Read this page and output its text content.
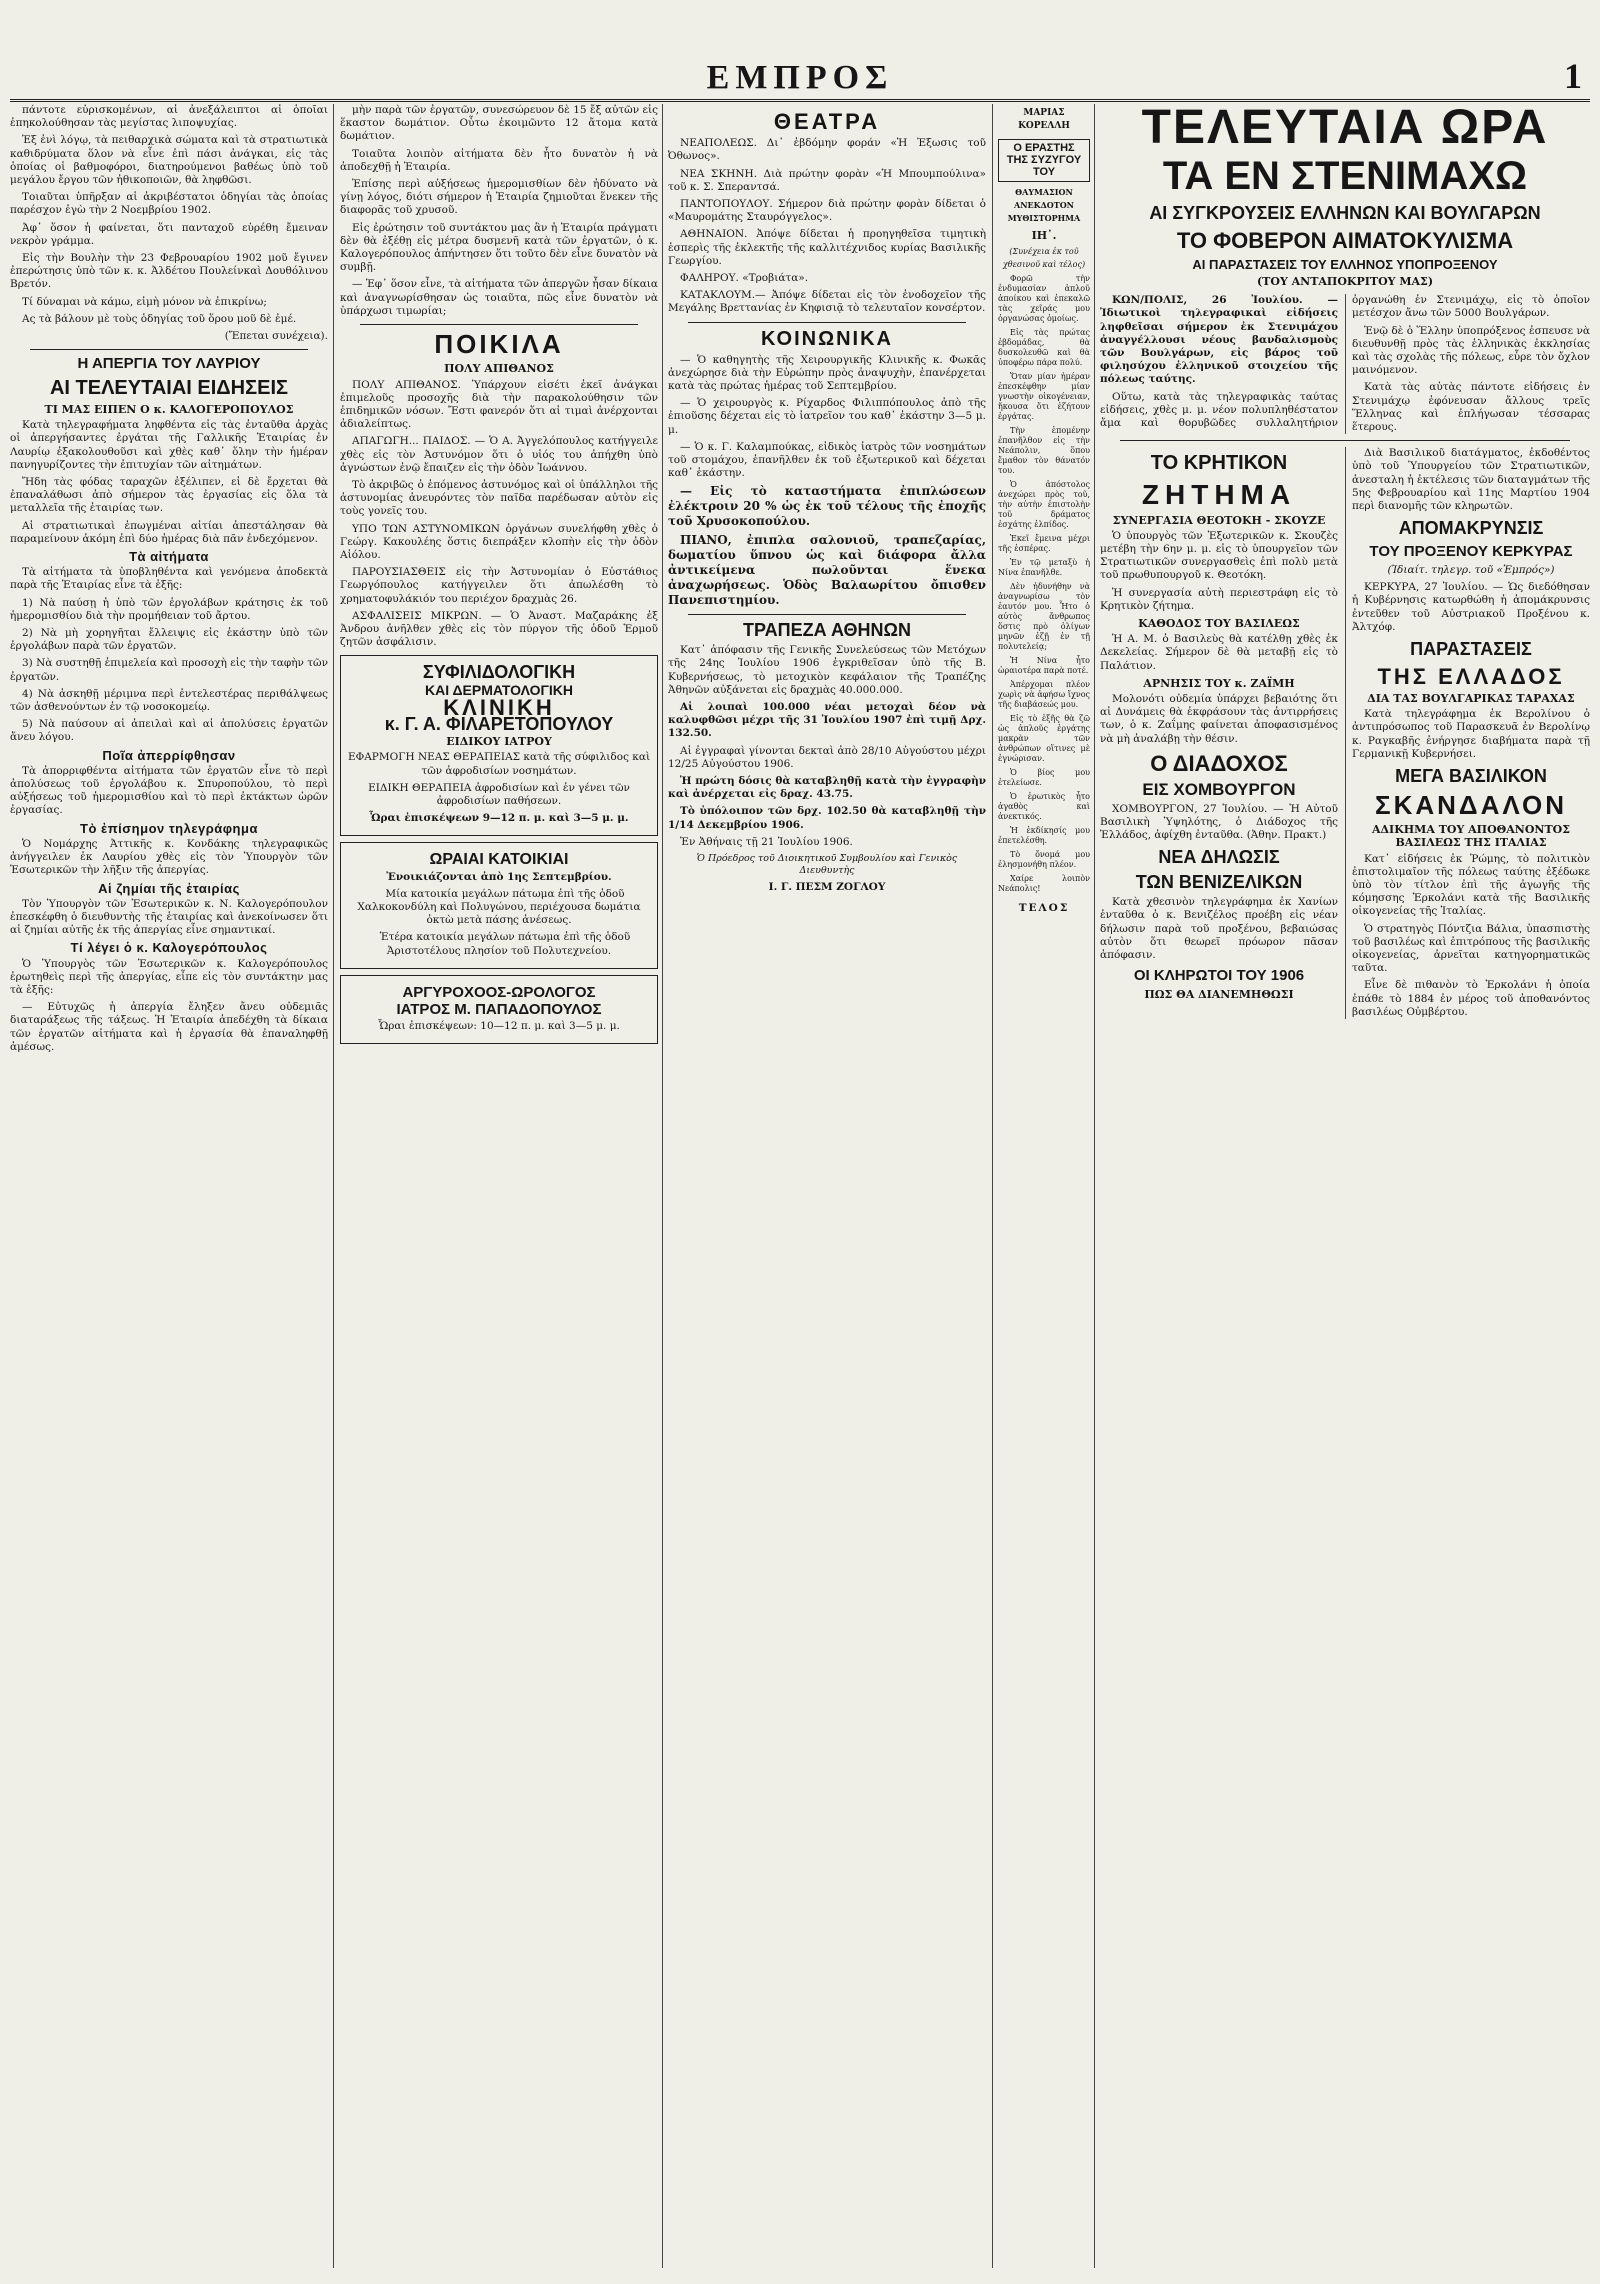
ΕΜΠΡΟΣ	1

πάντοτε εὐρισκομένων, αἱ ἀνεξάλειπτοι αἱ ὁποῖαι ἐπηκολούθησαν τὰς μεγίστας λιποψυχίας.

Ἐξ ἐνὶ λόγῳ, τὰ πειθαρχικὰ σώματα καὶ τὰ στρατιωτικὰ καθιδρύματα ὅλον νὰ εἶνε ἐπὶ πάσι ἀνάγκαι, εἰς τὰς ὁποίας οἱ βαθμοφόροι, διατηρούμενοι βαθέως ὑπὸ τοῦ μεγάλου ἔργου τῶν ἠθικοποιῶν, θὰ ληφθῶσι.

Τοιαῦται ὑπῆρξαν αἱ ἀκριβέστατοι ὁδηγίαι τὰς ὁποίας παρέσχον ἐγὼ τὴν 2 Νοεμβρίου 1902.

Ἀφ᾽ ὅσον ἡ φαίνεται, ὅτι πανταχοῦ εὑρέθη ἔμειναν νεκρὸν γράμμα.

Εἰς τὴν Βουλὴν τὴν 23 Φεβρουαρίου 1902 μοῦ ἔγινεν ἐπερώτησις ὑπὸ τῶν κ. κ. Ἀλδέτου Πουλείνκαὶ Δουθόλινου Βρετόν.

Τί δύναμαι νὰ κάμω, εἰμὴ μόνον νὰ ἐπικρίνω;

Ας τὰ βάλουν μὲ τοὺς ὁδηγίας τοῦ ὅρου μοῦ δὲ ἐμέ.

(Ἔπεται συνέχεια).

Η ΑΠΕΡΓΙΑ ΤΟΥ ΛΑΥΡΙΟΥ
ΑΙ ΤΕΛΕΥΤΑΙΑΙ ΕΙΔΗΣΕΙΣ
ΤΙ ΜΑΣ ΕΙΠΕΝ Ο κ. ΚΑΛΟΓΕΡΟΠΟΥΛΟΣ

Κατὰ τηλεγραφήματα ληφθέντα εἰς τὰς ἐνταῦθα ἀρχὰς οἱ ἀπεργήσαντες ἐργάται τῆς Γαλλικῆς Ἑταιρίας ἐν Λαυρίῳ ἐξακολουθοῦσι καὶ χθὲς καθ᾽ ὅλην τὴν ἡμέραν πανηγυρίζοντες τὴν ἐπιτυχίαν τῶν αἰτημάτων.

Ἤδη τὰς φόδας ταραχῶν ἐξέλιπεν, εἰ δὲ ἔρχεται θὰ ἐπαναλάθωσι ἀπὸ σήμερον τὰς ἐργασίας εἰς ὅλα τὰ μεταλλεῖα τῆς ἑταιρίας των.

Αἱ στρατιωτικαὶ ἐπωγμέναι αἰτίαι ἀπεστάλησαν θὰ παραμείνουν ἀκόμη ἐπὶ δύο ἡμέρας διὰ πᾶν ἐνδεχόμενον.

Τὰ αἰτήματα

Τὰ αἰτήματα τὰ ὑποβληθέντα καὶ γενόμενα ἀποδεκτὰ παρὰ τῆς Ἑταιρίας εἶνε τὰ ἑξῆς:

1) Νὰ παύσῃ ἡ ὑπὸ τῶν ἐργολάβων κράτησις ἐκ τοῦ ἡμερομισθίου διὰ τὴν προμήθειαν τοῦ ἄρτου.

2) Νὰ μὴ χορηγῆται ἔλλειψις εἰς ἑκάστην ὑπὸ τῶν ἐργολάβων παρὰ τῶν ἐργατῶν.

3) Νὰ συστηθῇ ἐπιμελεία καὶ προσοχὴ εἰς τὴν ταφὴν τῶν ἐργατῶν.

4) Νὰ ἀσκηθῇ μέριμνα περὶ ἐντελεστέρας περιθάλψεως τῶν ἀσθενούντων ἐν τῷ νοσοκομείῳ.

5) Νὰ παύσουν αἱ ἀπειλαὶ καὶ αἱ ἀπολύσεις ἐργατῶν ἄνευ λόγου.

Ποῖα ἀπερρίφθησαν

Τὰ ἀπορριφθέντα αἰτήματα τῶν ἐργατῶν εἶνε τὸ περὶ ἀπολύσεως τοῦ ἐργολάβου κ. Σπυροπούλου, τὸ περὶ αὐξήσεως τοῦ ἡμερομισθίου καὶ τὸ περὶ ἐκτάκτων ὡρῶν ἐργασίας.

Τὸ ἐπίσημον τηλεγράφημα

Ὁ Νομάρχης Ἀττικῆς κ. Κονδάκης τηλεγραφικῶς ἀνήγγειλεν ἐκ Λαυρίου χθὲς εἰς τὸν Ὑπουργὸν τῶν Ἐσωτερικῶν τὴν λῆξιν τῆς ἀπεργίας.

Αἱ ζημίαι τῆς ἑταιρίας

Τὸν Ὑπουργὸν τῶν Ἐσωτερικῶν κ. Ν. Καλογερόπουλον ἐπεσκέφθη ὁ διευθυντὴς τῆς ἑταιρίας καὶ ἀνεκοίνωσεν ὅτι αἱ ζημίαι αὐτῆς ἐκ τῆς ἀπεργίας εἶνε σημαντικαί.

Τί λέγει ὁ κ. Καλογερόπουλος

Ὁ Ὑπουργὸς τῶν Ἐσωτερικῶν κ. Καλογερόπουλος ἐρωτηθεὶς περὶ τῆς ἀπεργίας, εἶπε εἰς τὸν συντάκτην μας τὰ ἑξῆς:

— Εὐτυχῶς ἡ ἀπεργία ἔληξεν ἄνευ οὐδεμιᾶς διαταράξεως τῆς τάξεως. Ἡ Ἑταιρία ἀπεδέχθη τὰ δίκαια τῶν ἐργατῶν αἰτήματα καὶ ἡ ἐργασία θὰ ἐπαναληφθῇ ἀμέσως.

μὴν παρὰ τῶν ἐργατῶν, συνεσώρευον δὲ 15 ἔξ αὐτῶν εἰς ἕκαστον δωμάτιον. Οὗτω ἐκοιμῶντο 12 ἄτομα κατὰ δωμάτιον.

Τοιαῦτα λοιπὸν αἰτήματα δὲν ἦτο δυνατὸν ἡ νὰ ἀποδεχθῇ ἡ Ἑταιρία.

Ἐπίσης περὶ αὐξήσεως ἡμερομισθίων δὲν ἠδύνατο νὰ γίνῃ λόγος, διότι σήμερον ἡ Ἑταιρία ζημιοῦται ἕνεκεν τῆς διαφορᾶς τοῦ χρυσοῦ.

Εἰς ἐρώτησιν τοῦ συντάκτου μας ἂν ἡ Ἑταιρία πράγματι δὲν θὰ ἐξέθῃ εἰς μέτρα δυσμενῆ κατὰ τῶν ἐργατῶν, ὁ κ. Καλογερόπουλος ἀπήντησεν ὅτι τοῦτο δὲν εἶνε δυνατὸν νὰ συμβῇ.

— Ἐφ᾽ ὅσον εἶνε, τὰ αἰτήματα τῶν ἀπεργῶν ἦσαν δίκαια καὶ ἀναγνωρίσθησαν ὡς τοιαῦτα, πῶς εἶνε δυνατὸν νὰ ὑπάρχωσι τιμωρίαι;

ΠΟΙΚΙΛΑ
ΠΟΛΥ ΑΠΙΘΑΝΟΣ

ΠΟΛΥ ΑΠΙΘΑΝΟΣ. Ὑπάρχουν εἰσέτι ἐκεῖ ἀνάγκαι ἐπιμελοῦς προσοχῆς διὰ τὴν παρακολούθησιν τῶν ἐπιδημικῶν νόσων. Ἔστι φανερόν ὅτι αἱ τιμαὶ ἀνέρχονται ἀδιαλείπτως.

ΑΠΑΓΩΓΗ... ΠΑΙΔΟΣ. — Ὁ Α. Ἀγγελόπουλος κατήγγειλε χθὲς εἰς τὸν Ἀστυνόμον ὅτι ὁ υἱός του ἀπήχθη ὑπὸ ἀγνώστων ἐνῷ ἔπαιζεν εἰς τὴν ὁδὸν Ἰωάννου.

Τὸ ἀκριβῶς ὁ ἑπόμενος ἀστυνόμος καὶ οἱ ὑπάλληλοι τῆς ἀστυνομίας ἀνευρόντες τὸν παῖδα παρέδωσαν αὐτὸν εἰς τοὺς γονεῖς του.

ΥΠΟ ΤΩΝ ΑΣΤΥΝΟΜΙΚΩΝ ὀργάνων συνελήφθη χθὲς ὁ Γεώργ. Κακουλέης ὅστις διεπράξεν κλοπὴν εἰς τὴν ὁδὸν Αἰόλου.

ΠΑΡΟΥΣΙΑΣΘΕΙΣ εἰς τὴν Ἀστυνομίαν ὁ Εὐστάθιος Γεωργόπουλος κατήγγειλεν ὅτι ἀπωλέσθη τὸ χρηματοφυλάκιόν του περιέχον δραχμὰς 26.

ΑΣΦΑΛΙΣΕΙΣ ΜΙΚΡΩΝ. — Ὁ Ἀναστ. Μαζαράκης ἐξ Ἀνδρου ἀνῆλθεν χθὲς εἰς τὸν πύργον τῆς ὁδοῦ Ἑρμοῦ ζητῶν ἀσφάλισιν.

ΣΥΦΙΛΙΔΟΛΟΓΙΚΗ
ΚΑΙ ΔΕΡΜΑΤΟΛΟΓΙΚΗ
ΚΛΙΝΙΚΗ
κ. Γ. Α. ΦΙΛΑΡΕΤΟΠΟΥΛΟΥ
ΕΙΔΙΚΟΥ ΙΑΤΡΟΥ

ΕΦΑΡΜΟΓΗ ΝΕΑΣ ΘΕΡΑΠΕΙΑΣ κατὰ τῆς σύφιλιδος καὶ τῶν ἀφροδισίων νοσημάτων.

ΕΙΔΙΚΗ ΘΕΡΑΠΕΙΑ ἀφροδισίων καὶ ἐν γένει τῶν ἀφροδισίων παθήσεων.

Ὧραι ἐπισκέψεων 9—12 π. μ. καὶ 3—5 μ. μ.

ΩΡΑΙΑΙ ΚΑΤΟΙΚΙΑΙ

Ἐνοικιάζονται ἀπὸ 1ης Σεπτεμβρίου.

Μία κατοικία μεγάλων πάτωμα ἐπὶ τῆς ὁδοῦ Χαλκοκονδύλη καὶ Πολυγώνου, περιέχουσα δωμάτια ὀκτὼ μετὰ πάσης ἀνέσεως.

Ἑτέρα κατοικία μεγάλων πάτωμα ἐπὶ τῆς ὁδοῦ Ἀριστοτέλους πλησίον τοῦ Πολυτεχνείου.

ΑΡΓΥΡΟΧΟΟΣ-ΩΡΟΛΟΓΟΣ
ΙΑΤΡΟΣ Μ. ΠΑΠΑΔΟΠΟΥΛΟΣ

Ὧραι ἐπισκέψεων: 10—12 π. μ. καὶ 3—5 μ. μ.

ΘΕΑΤΡΑ

ΝΕΑΠΟΛΕΩΣ. Δι᾽ ἑβδόμην φοράν «Ἡ Ἐξωσις τοῦ Ὀθωνος».

ΝΕΑ ΣΚΗΝΗ. Διὰ πρώτην φορὰν «Ἡ Μπουμπούλινα» τοῦ κ. Σ. Σπεραντσά.

ΠΑΝΤΟΠΟΥΛΟΥ. Σήμερον διὰ πρώτην φορὰν δίδεται ὁ «Μαυρομάτης Σταυρόγγελος».

ΑΘΗΝΑΙΟΝ. Ἀπόψε δίδεται ἡ προηγηθεῖσα τιμητικὴ ἑσπερὶς τῆς ἐκλεκτῆς τῆς καλλιτέχνιδος κυρίας Βασιλικῆς Γεωργίου.

ΦΑΛΗΡΟΥ. «Τροβιάτα».

ΚΑΤΑΚΛΟΥΜ.— Ἀπόψε δίδεται εἰς τὸν ἐνοδοχεῖον τῆς Μεγάλης Βρεττανίας ἐν Κηφισιᾷ τὸ τελευταῖον κονσέρτον.

ΚΟΙΝΩΝΙΚΑ

— Ὁ καθηγητὴς τῆς Χειρουργικῆς Κλινικῆς κ. Φωκᾶς ἀνεχώρησε διὰ τὴν Εὐρώπην πρὸς ἀναψυχὴν, ἐπανέρχεται κατὰ τὰς πρώτας ἡμέρας τοῦ Σεπτεμβρίου.

— Ὁ χειρουργὸς κ. Ρίχαρδος Φιλιππόπουλος ἀπὸ τῆς ἐπιοῦσης δέχεται εἰς τὸ ἰατρεῖον του καθ᾽ ἑκάστην 3—5 μ. μ.

— Ὁ κ. Γ. Καλαμπούκας, εἰδικὸς ἰατρὸς τῶν νοσημάτων τοῦ στομάχου, ἐπανῆλθεν ἐκ τοῦ ἐξωτερικοῦ καὶ δέχεται καθ᾽ ἑκάστην.

— Εἰς τὸ καταστήματα ἐπιπλώσεων ἐλέκτροιν 20 % ὡς ἐκ τοῦ τέλους τῆς ἐποχῆς τοῦ Χρυσοκοπούλου.

ΠΙΑΝΟ, ἐπιπλα σαλονιοῦ, τραπεζαρίας, δωματίου ὕπνου ὡς καὶ διάφορα ἄλλα ἀντικείμενα πωλοῦνται ἕνεκα ἀναχωρήσεως. Ὁδὸς Βαλαωρίτου ὄπισθεν Πανεπιστημίου.

ΤΡΑΠΕΖΑ ΑΘΗΝΩΝ

Κατ᾽ ἀπόφασιν τῆς Γενικῆς Συνελεύσεως τῶν Μετόχων τῆς 24ης Ἰουλίου 1906 ἐγκριθεῖσαν ὑπὸ τῆς Β. Κυβερνήσεως, τὸ μετοχικὸν κεφάλαιον τῆς Τραπέζης Ἀθηνῶν αὐξάνεται εἰς δραχμὰς 40.000.000.

Αἱ λοιπαὶ 100.000 νέαι μετοχαὶ δέον νὰ καλυφθῶσι μέχρι τῆς 31 Ἰουλίου 1907 ἐπὶ τιμῇ Δρχ. 132.50.

Αἱ ἐγγραφαὶ γίνονται δεκταὶ ἀπὸ 28/10 Αὐγούστου μέχρι 12/25 Αὐγούστου 1906.

Ἡ πρώτη δόσις θὰ καταβληθῇ κατὰ τὴν ἐγγραφὴν καὶ ἀνέρχεται εἰς δραχ. 43.75.

Τὸ ὑπόλοιπον τῶν δρχ. 102.50 θὰ καταβληθῇ τὴν 1/14 Δεκεμβρίου 1906.

Ἐν Ἀθήναις τῇ 21 Ἰουλίου 1906.

Ὁ Πρόεδρος τοῦ Διοικητικοῦ Συμβουλίου καὶ Γενικὸς Διευθυντὴς

Ι. Γ. ΠΕΣΜ ΖΟΓΛΟΥ

ΜΑΡΙΑΣ ΚΟΡΕΛΛΗ
Ο ΕΡΑΣΤΗΣ ΤΗΣ ΣΥΖΥΓΟΥ ΤΟΥ
ΘΑΥΜΑΣΙΟΝ ΑΝΕΚΔΟΤΟΝ ΜΥΘΙΣΤΟΡΗΜΑ
ΙΗ᾽.
(Συνέχεια ἐκ τοῦ χθεσινοῦ καὶ τέλος)

Φορῶ τὴν ἐνδυμασίαν ἁπλοῦ ἀποίκου καὶ ἐπεκαλῶ τὰς χεῖράς μου ὀργανώσας ὁμοίως.

Εἰς τὰς πρώτας ἐβδομάδας, θὰ δυσκολευθῶ καὶ θὰ ὑποφέρω πάρα πολύ.

Ὅταν μίαν ἡμέραν ἐπεσκέφθην μίαν γνωστὴν οἰκογένειαν, ἤκουσα ὅτι ἐζήτουν ἐργάτας.

Τὴν ἑπομένην ἐπανῆλθον εἰς τὴν Νεάπολιν, ὅπου ἔμαθον τὸν θάνατόν του.

Ὁ ἀπόστολος ἀνεχώρει πρὸς τοῦ, τὴν αὐτὴν ἐπιστολὴν τοῦ δράματος ἐσχάτης ἐλπίδος.

Ἐκεῖ ἔμεινα μέχρι τῆς ἑσπέρας.

Ἐν τῷ μεταξὺ ἡ Νίνα ἐπανῆλθε.

Δὲν ἠδυνήθην νὰ ἀναγνωρίσω τὸν ἑαυτόν μου. Ἦτο ὁ αὐτὸς ἄνθρωπος ὅστις πρὸ ὀλίγων μηνῶν ἐζῇ ἐν τῇ πολυτελείᾳ;

Ἡ Νίνα ἦτο ὡραιοτέρα παρὰ ποτέ.

Ἀπέρχομαι πλέον χωρὶς νὰ ἀφήσω ἴχνος τῆς διαβάσεώς μου.

Εἰς τὸ ἑξῆς θὰ ζῶ ὡς ἀπλοῦς ἐργάτης μακρὰν τῶν ἀνθρώπων οἵτινες μὲ ἐγνώρισαν.

Ὁ βίος μου ἐτελείωσε.

Ὁ ἐρωτικὸς ἦτο ἀγαθὸς καὶ ἀνεκτικός.

Ἡ ἐκδίκησίς μου ἐπετελέσθη.

Τὸ ὄνομά μου ἐλησμονήθη πλέον.

Χαίρε λοιπὸν Νεάπολις!

ΤΕΛΟΣ
ΤΕΛΕΥΤΑΙΑ ΩΡΑ
ΤΑ ΕΝ ΣΤΕΝΙΜΑΧΩ
ΑΙ ΣΥΓΚΡΟΥΣΕΙΣ ΕΛΛΗΝΩΝ ΚΑΙ ΒΟΥΛΓΑΡΩΝ
ΤΟ ΦΟΒΕΡΟΝ ΑΙΜΑΤΟΚΥΛΙΣΜΑ
ΑΙ ΠΑΡΑΣΤΑΣΕΙΣ ΤΟΥ ΕΛΛΗΝΟΣ ΥΠΟΠΡΟΞΕΝΟΥ
(ΤΟΥ ΑΝΤΑΠΟΚΡΙΤΟΥ ΜΑΣ)

ΚΩΝ/ΠΟΛΙΣ, 26 Ἰουλίου. — Ἰδιωτικοὶ τηλεγραφικαὶ εἰδήσεις ληφθεῖσαι σήμερον ἐκ Στενιμάχου ἀναγγέλλουσι νέους βανδαλισμοὺς τῶν Βουλγάρων, εἰς βάρος τοῦ φιλησύχου ἑλληνικοῦ στοιχείου τῆς πόλεως ταύτης.

Οὕτω, κατὰ τὰς τηλεγραφικὰς ταύτας εἰδήσεις, χθὲς μ. μ. νέον πολυπληθέστατον ἄμα καὶ θορυβῶδες συλλαλητήριον ὀργανώθη ἐν Στενιμάχῳ, εἰς τὸ ὁποῖον μετέσχον ἄνω τῶν 5000 Βουλγάρων.

Ἐνῷ δὲ ὁ Ἕλλην ὑποπρόξενος ἐσπευσε νὰ διευθυνθῇ πρὸς τὰς ἑλληνικὰς ἐκκλησίας καὶ τὰς σχολὰς τῆς πόλεως, εὗρε τὸν ὄχλον μαινόμενον.

Κατὰ τὰς αὐτὰς πάντοτε εἰδήσεις ἐν Στενιμάχῳ ἐφόνευσαν ἄλλους τρεῖς Ἕλληνας καὶ ἐπλήγωσαν τέσσαρας ἕτερους.

ΤΟ ΚΡΗΤΙΚΟΝ
ΖΗΤΗΜΑ
ΣΥΝΕΡΓΑΣΙΑ ΘΕΟΤΟΚΗ - ΣΚΟΥΖΕ

Ὁ ὑπουργὸς τῶν Ἐξωτερικῶν κ. Σκουζὲς μετέβη τὴν 6ην μ. μ. εἰς τὸ ὑπουργεῖον τῶν Στρατιωτικῶν συνεργασθεὶς ἐπὶ πολὺ μετὰ τοῦ πρωθυπουργοῦ κ. Θεοτόκη.

Ἡ συνεργασία αὐτὴ περιεστράφη εἰς τὸ Κρητικὸν ζήτημα.

ΚΑΘΟΔΟΣ ΤΟΥ ΒΑΣΙΛΕΩΣ

Ἡ Α. Μ. ὁ Βασιλεὺς θὰ κατέλθῃ χθὲς ἐκ Δεκελείας. Σήμερον δὲ θὰ μεταβῇ εἰς τὸ Παλάτιον.

ΑΡΝΗΣΙΣ ΤΟΥ κ. ΖΑΪΜΗ

Μολονότι οὐδεμία ὑπάρχει βεβαιότης ὅτι αἱ Δυνάμεις θὰ ἐκφράσουν τὰς ἀντιρρήσεις των, ὁ κ. Ζαΐμης φαίνεται ἀποφασισμένος νὰ μὴ ἀναλάβῃ τὴν θέσιν.

Ο ΔΙΑΔΟΧΟΣ
ΕΙΣ ΧΟΜΒΟΥΡΓΟΝ

ΧΟΜΒΟΥΡΓΟΝ, 27 Ἰουλίου. — Ἡ Αὐτοῦ Βασιλικὴ Ὑψηλότης, ὁ Διάδοχος τῆς Ἑλλάδος, ἀφίχθη ἐνταῦθα. (Ἀθην. Πρακτ.)

ΝΕΑ ΔΗΛΩΣΙΣ
ΤΩΝ ΒΕΝΙΖΕΛΙΚΩΝ

Κατὰ χθεσινὸν τηλεγράφημα ἐκ Χανίων ἐνταῦθα ὁ κ. Βενιζέλος προέβη εἰς νέαν δήλωσιν παρὰ τοῦ προξένου, βεβαιώσας αὐτὸν ὅτι θεωρεῖ πρόωρον πᾶσαν ἀπόφασιν.

ΟΙ ΚΛΗΡΩΤΟΙ ΤΟΥ 1906
ΠΩΣ ΘΑ ΔΙΑΝΕΜΗΘΩΣΙ

Διὰ Βασιλικοῦ διατάγματος, ἐκδοθέντος ὑπὸ τοῦ Ὑπουργείου τῶν Στρατιωτικῶν, ἀνεσταλη ἡ ἐκτέλεσις τῶν διαταγμάτων τῆς 5ης Φεβρουαρίου καὶ 11ης Μαρτίου 1904 περὶ διανομῆς τῶν κληρωτῶν.

ΑΠΟΜΑΚΡΥΝΣΙΣ
ΤΟΥ ΠΡΟΞΕΝΟΥ ΚΕΡΚΥΡΑΣ

(Ἰδιαίτ. τηλεγρ. τοῦ «Ἐμπρός»)

ΚΕΡΚΥΡΑ, 27 Ἰουλίου. — Ὡς διεδόθησαν ἡ Κυβέρνησις κατωρθώθη ἡ ἀπομάκρυνσις ἐντεῦθεν τοῦ Αὐστριακοῦ Προξένου κ. Ἀλτχόφ.

ΠΑΡΑΣΤΑΣΕΙΣ
ΤΗΣ ΕΛΛΑΔΟΣ
ΔΙΑ ΤΑΣ ΒΟΥΛΓΑΡΙΚΑΣ ΤΑΡΑΧΑΣ

Κατὰ τηλεγράφημα ἐκ Βερολίνου ὁ ἀντιπρόσωπος τοῦ Παρασκευᾶ ἐν Βερολίνῳ κ. Ραγκαβῆς ἐνήργησε διαβήματα παρὰ τῇ Γερμανικῇ Κυβερνήσει.

ΜΕΓΑ ΒΑΣΙΛΙΚΟΝ
ΣΚΑΝΔΑΛΟΝ
ΑΔΙΚΗΜΑ ΤΟΥ ΑΠΟΘΑΝΟΝΤΟΣ ΒΑΣΙΛΕΩΣ ΤΗΣ ΙΤΑΛΙΑΣ

Κατ᾽ εἰδήσεις ἐκ Ῥώμης, τὸ πολιτικὸν ἐπιστολιμαῖον τῆς πόλεως ταύτης ἐξέδωκε ὑπὸ τὸν τίτλον ἐπὶ τῆς ἀγωγῆς τῆς κόμησσης Ἑρκολάνι κατὰ τῆς Βασιλικῆς οἰκογενείας τῆς Ἰταλίας.

Ὁ στρατηγὸς Πόντζια Βάλια, ὑπασπιστὴς τοῦ βασιλέως καὶ ἐπιτρόπους τῆς βασιλικῆς οἰκογενείας, ἀρνεῖται κατηγορηματικῶς ταῦτα.

Εἶνε δὲ πιθανὸν τὸ Ἐρκολάνι ἡ ὁποία ἐπάθε τὸ 1884 ἐν μέρος τοῦ ἀποθανόντος βασιλέως Οὐμβέρτου.
